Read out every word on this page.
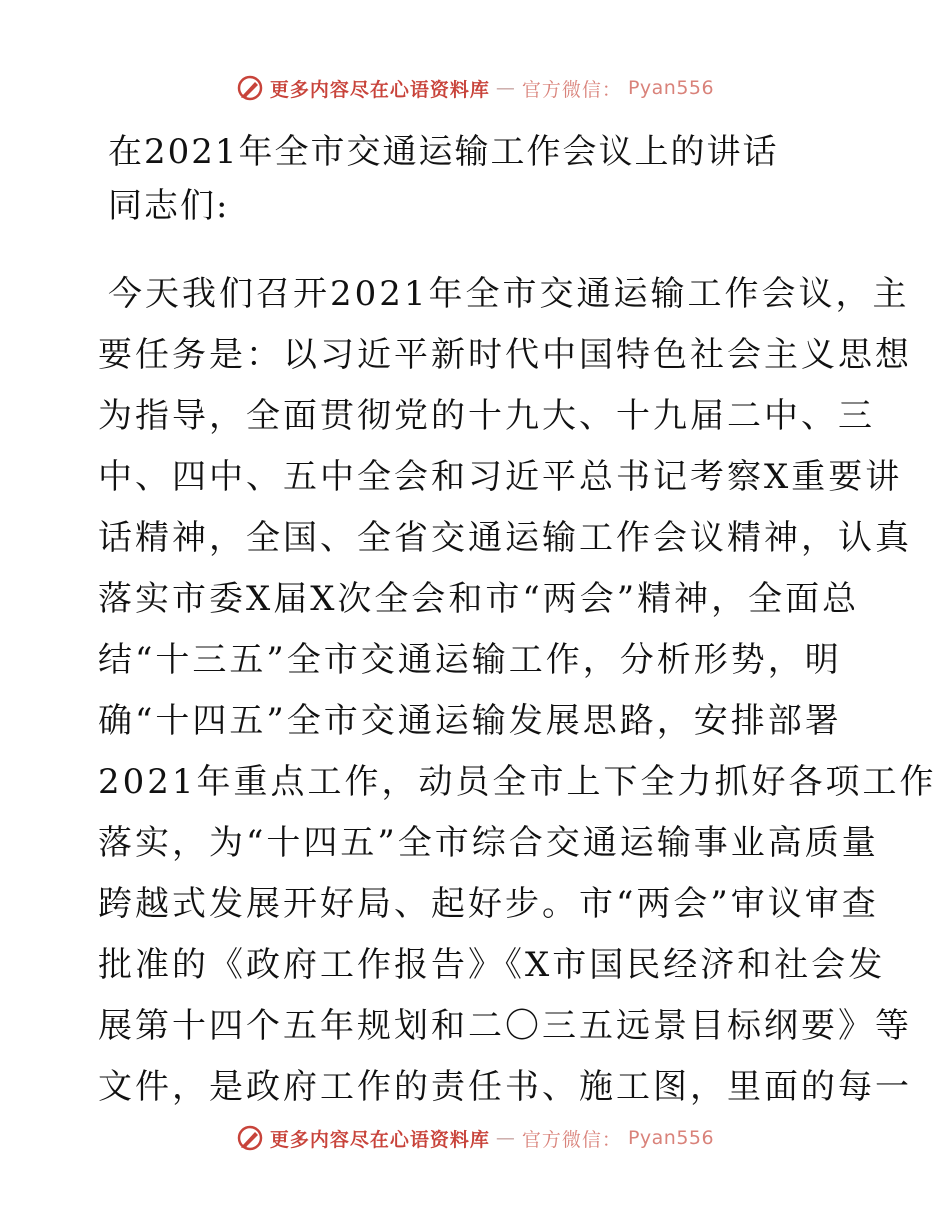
更多内容尽在心语资料库 — 官方微信： Pyan556
在2021年全市交通运输工作会议上的讲话
同志们:
今天我们召开2021年全市交通运输工作会议，主
要任务是：以习近平新时代中国特色社会主义思想
为指导，全面贯彻党的十九大、十九届二中、三
中、四中、五中全会和习近平总书记考察X重要讲
话精神，全国、全省交通运输工作会议精神，认真
落实市委X届X次全会和市“两会”精神，全面总
结“十三五”全市交通运输工作，分析形势，明
确“十四五”全市交通运输发展思路，安排部署
2021年重点工作，动员全市上下全力抓好各项工作
落实，为“十四五”全市综合交通运输事业高质量
跨越式发展开好局、起好步。市“两会”审议审查
批准的《政府工作报告》《X市国民经济和社会发
展第十四个五年规划和二〇三五远景目标纲要》等
文件，是政府工作的责任书、施工图，里面的每一
更多内容尽在心语资料库 — 官方微信： Pyan556
